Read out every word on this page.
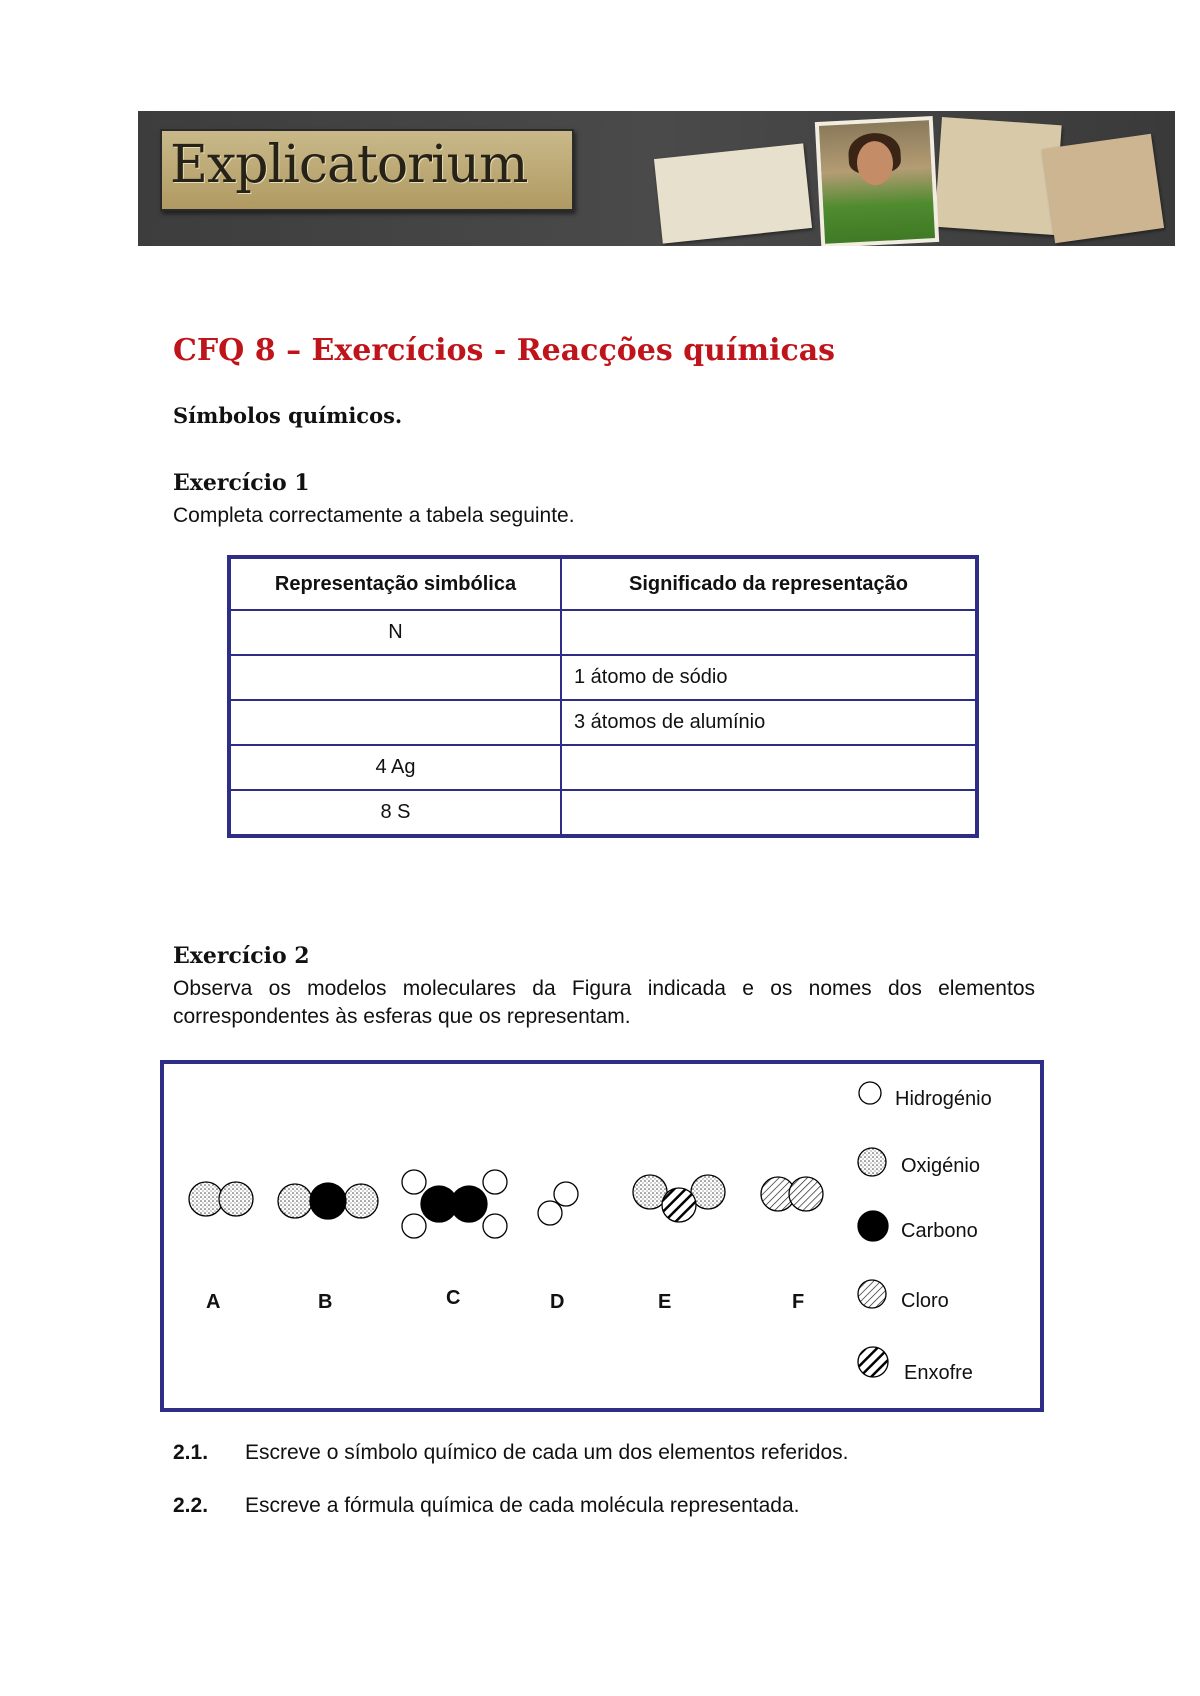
Explicatorium
CFQ 8 – Exercícios - Reacções químicas
Símbolos químicos.
Exercício 1

Completa correctamente a tabela seguinte.

Representação simbólica	Significado da representação
N	
	1 átomo de sódio
	3 átomos de alumínio
4 Ag	
8 S	
Exercício 2

Observa os modelos moleculares da Figura indicada e os nomes dos elementos correspondentes às esferas que os representam.

A	B	C	D	E	F
Hidrogénio
Oxigénio
Carbono
Cloro
Enxofre
2.1. Escreve o símbolo químico de cada um dos elementos referidos.
2.2. Escreve a fórmula química de cada molécula representada.
